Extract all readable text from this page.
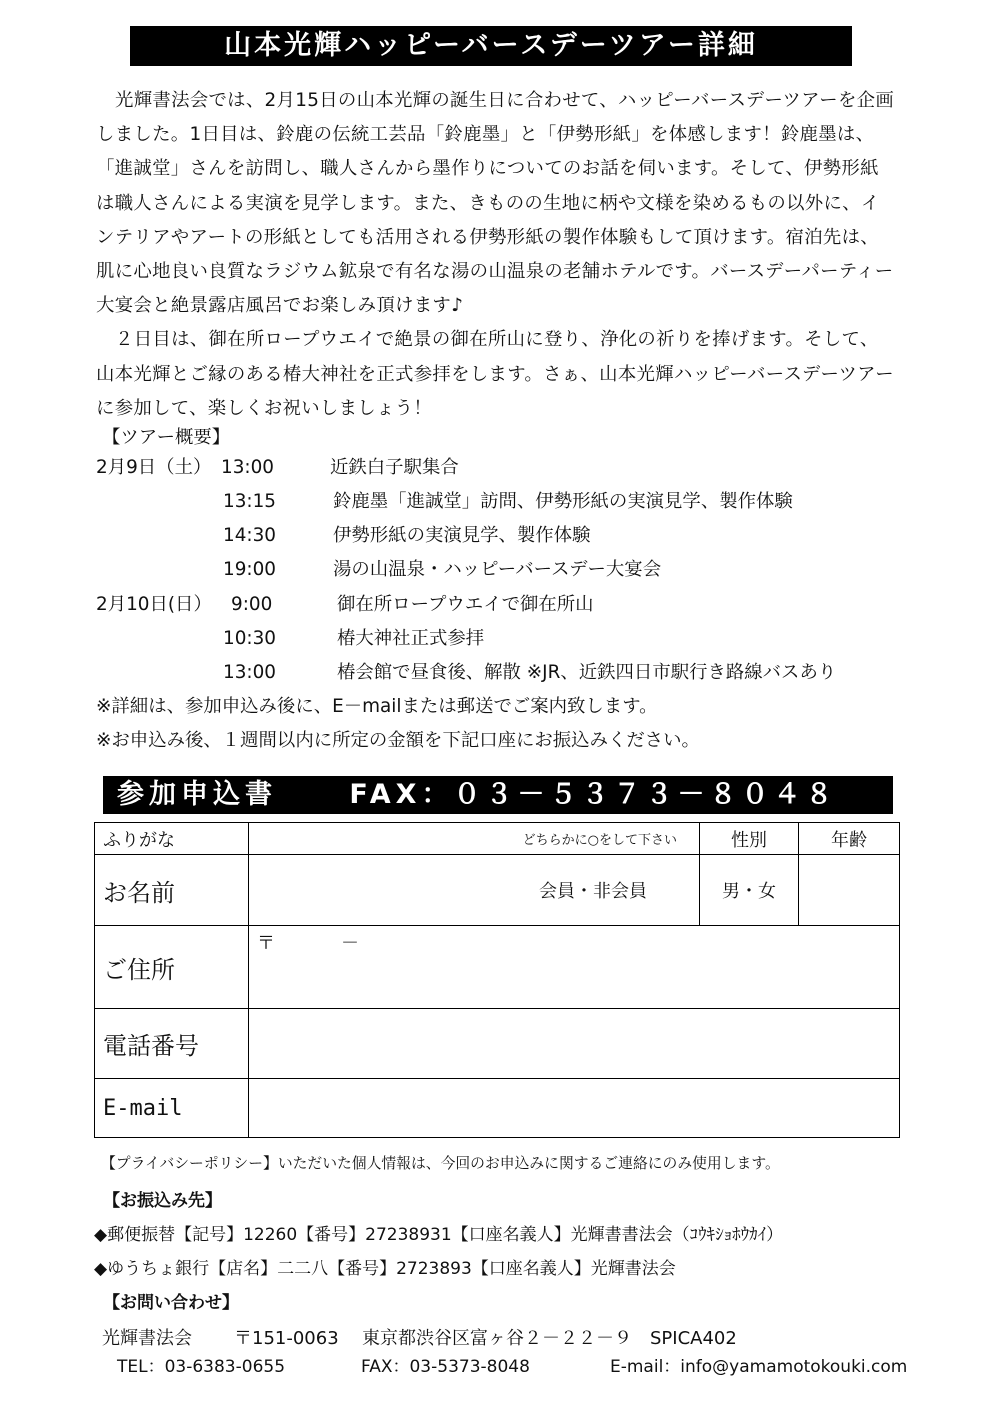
山本光輝ハッピーバースデーツアー詳細

光輝書法会では、2月15日の山本光輝の誕生日に合わせて、ハッピーバースデーツアーを企画しました。1日目は、鈴鹿の伝統工芸品「鈴鹿墨」と「伊勢形紙」を体感します！鈴鹿墨は、「進誠堂」さんを訪問し、職人さんから墨作りについてのお話を伺います。そして、伊勢形紙は職人さんによる実演を見学します。また、きものの生地に柄や文様を染めるもの以外に、インテリアやアートの形紙としても活用される伊勢形紙の製作体験もして頂けます。宿泊先は、肌に心地良い良質なラジウム鉱泉で有名な湯の山温泉の老舗ホテルです。バースデーパーティー大宴会と絶景露店風呂でお楽しみ頂けます♪

２日目は、御在所ロープウエイで絶景の御在所山に登り、浄化の祈りを捧げます。そして、山本光輝とご縁のある椿大神社を正式参拝をします。さぁ、山本光輝ハッピーバースデーツアーに参加して、楽しくお祝いしましょう！

【ツアー概要】
2月9日（土） 13:00	近鉄白子駅集合
13:15	鈴鹿墨「進誠堂」訪問、伊勢形紙の実演見学、製作体験
14:30	伊勢形紙の実演見学、製作体験
19:00	湯の山温泉・ハッピーバースデー大宴会
2月10日(日） 9:00	御在所ロープウエイで御在所山
10:30	椿大神社正式参拝
13:00	椿会館で昼食後、解散 ※JR、近鉄四日市駅行き路線バスあり
※詳細は、参加申込み後に、E－mailまたは郵送でご案内致します。
※お申込み後、１週間以内に所定の金額を下記口座にお振込みください。
参加申込書	FAX：０３－５３７３－８０４８
ふりがな	どちらかに○をして下さい	性別	年齢
お名前	会員・非会員	男・女	
ご住所	〒 －		
電話番号			
E-mail			
【プライバシーポリシー】いただいた個人情報は、今回のお申込みに関するご連絡にのみ使用します。
【お振込み先】
◆郵便振替【記号】12260【番号】27238931【口座名義人】光輝書書法会（ｺｳｷｼｮﾎｳｶｲ）
◆ゆうちょ銀行【店名】二二八【番号】2723893【口座名義人】光輝書法会
【お問い合わせ】
光輝書法会 〒151-0063 東京都渋谷区富ヶ谷２－２２－９　SPICA402
TEL：03-6383-0655	FAX：03-5373-8048	E-mail：info@yamamotokouki.com
